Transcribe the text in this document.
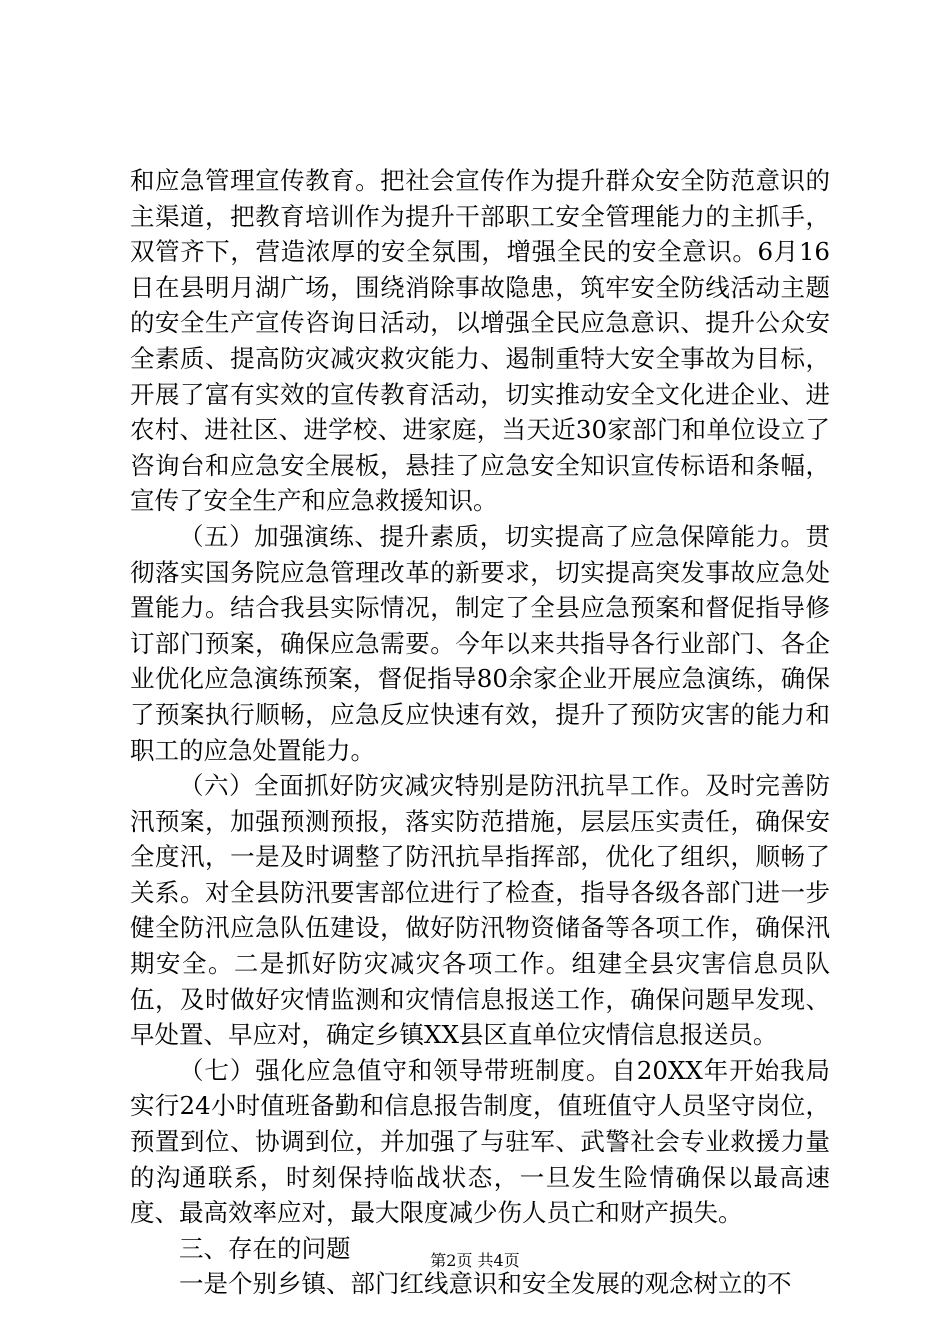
和应急管理宣传教育。把社会宣传作为提升群众安全防范意识的主渠道，把教育培训作为提升干部职工安全管理能力的主抓手，双管齐下，营造浓厚的安全氛围，增强全民的安全意识。6月16日在县明月湖广场，围绕消除事故隐患，筑牢安全防线活动主题的安全生产宣传咨询日活动，以增强全民应急意识、提升公众安全素质、提高防灾减灾救灾能力、遏制重特大安全事故为目标，开展了富有实效的宣传教育活动，切实推动安全文化进企业、进农村、进社区、进学校、进家庭，当天近30家部门和单位设立了咨询台和应急安全展板，悬挂了应急安全知识宣传标语和条幅，宣传了安全生产和应急救援知识。

（五）加强演练、提升素质，切实提高了应急保障能力。贯彻落实国务院应急管理改革的新要求，切实提高突发事故应急处置能力。结合我县实际情况，制定了全县应急预案和督促指导修订部门预案，确保应急需要。今年以来共指导各行业部门、各企业优化应急演练预案，督促指导80余家企业开展应急演练，确保了预案执行顺畅，应急反应快速有效，提升了预防灾害的能力和职工的应急处置能力。

（六）全面抓好防灾减灾特别是防汛抗旱工作。及时完善防汛预案，加强预测预报，落实防范措施，层层压实责任，确保安全度汛，一是及时调整了防汛抗旱指挥部，优化了组织，顺畅了关系。对全县防汛要害部位进行了检查，指导各级各部门进一步健全防汛应急队伍建设，做好防汛物资储备等各项工作，确保汛期安全。二是抓好防灾减灾各项工作。组建全县灾害信息员队伍，及时做好灾情监测和灾情信息报送工作，确保问题早发现、早处置、早应对，确定乡镇XX县区直单位灾情信息报送员。

（七）强化应急值守和领导带班制度。自20XX年开始我局实行24小时值班备勤和信息报告制度，值班值守人员坚守岗位，预置到位、协调到位，并加强了与驻军、武警社会专业救援力量的沟通联系，时刻保持临战状态，一旦发生险情确保以最高速度、最高效率应对，最大限度减少伤人员亡和财产损失。

三、存在的问题

一是个别乡镇、部门红线意识和安全发展的观念树立的不

第2页 共4页
